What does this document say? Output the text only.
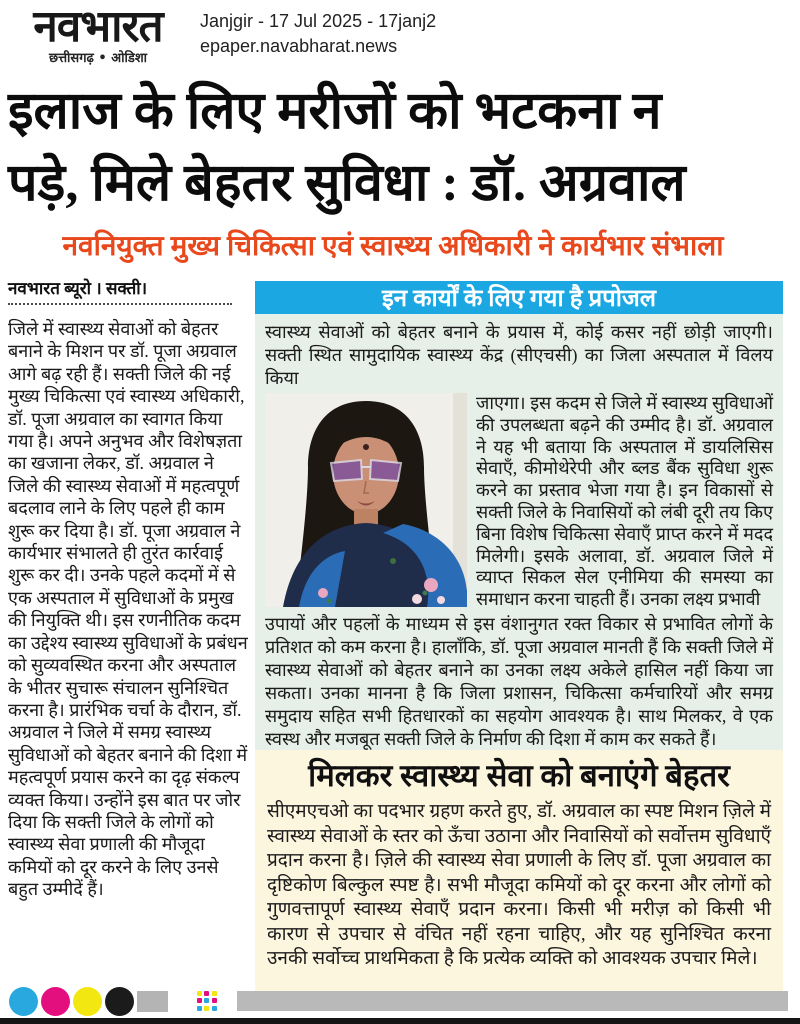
नवभारत
छत्तीसगढ़ • ओडिशा
Janjgir - 17 Jul 2025 - 17janj2
epaper.navabharat.news
इलाज के लिए मरीजों को भटकना न
पड़े, मिले बेहतर सुविधा : डॉ. अग्रवाल
नवनियुक्त मुख्य चिकित्सा एवं स्वास्थ्य अधिकारी ने कार्यभार संभाला
नवभारत ब्यूरो । सक्ती।
जिले में स्वास्थ्य सेवाओं को बेहतर बनाने के मिशन पर डॉ. पूजा अग्रवाल आगे बढ़ रही हैं। सक्ती जिले की नई मुख्य चिकित्सा एवं स्वास्थ्य अधिकारी, डॉ. पूजा अग्रवाल का स्वागत किया गया है। अपने अनुभव और विशेषज्ञता का खजाना लेकर, डॉ. अग्रवाल ने जिले की स्वास्थ्य सेवाओं में महत्वपूर्ण बदलाव लाने के लिए पहले ही काम शुरू कर दिया है। डॉ. पूजा अग्रवाल ने कार्यभार संभालते ही तुरंत कार्रवाई शुरू कर दी। उनके पहले कदमों में से एक अस्पताल में सुविधाओं के प्रमुख की नियुक्ति थी। इस रणनीतिक कदम का उद्देश्य स्वास्थ्य सुविधाओं के प्रबंधन को सुव्यवस्थित करना और अस्पताल के भीतर सुचारू संचालन सुनिश्चित करना है। प्रारंभिक चर्चा के दौरान, डॉ. अग्रवाल ने जिले में समग्र स्वास्थ्य सुविधाओं को बेहतर बनाने की दिशा में महत्वपूर्ण प्रयास करने का दृढ़ संकल्प व्यक्त किया। उन्होंने इस बात पर जोर दिया कि सक्ती जिले के लोगों को स्वास्थ्य सेवा प्रणाली की मौजूदा कमियों को दूर करने के लिए उनसे बहुत उम्मीदें हैं।
इन कार्यों के लिए गया है प्रपोजल
स्वास्थ्य सेवाओं को बेहतर बनाने के प्रयास में, कोई कसर नहीं छोड़ी जाएगी। सक्ती स्थित सामुदायिक स्वास्थ्य केंद्र (सीएचसी) का जिला अस्पताल में विलय किया
जाएगा। इस कदम से जिले में स्वास्थ्य सुविधाओं की उपलब्धता बढ़ने की उम्मीद है। डॉ. अग्रवाल ने यह भी बताया कि अस्पताल में डायलिसिस सेवाएँ, कीमोथेरेपी और ब्लड बैंक सुविधा शुरू करने का प्रस्ताव भेजा गया है। इन विकासों से सक्ती जिले के निवासियों को लंबी दूरी तय किए बिना विशेष चिकित्सा सेवाएँ प्राप्त करने में मदद मिलेगी। इसके अलावा, डॉ. अग्रवाल जिले में व्याप्त सिकल सेल एनीमिया की समस्या का समाधान करना चाहती हैं। उनका लक्ष्य प्रभावी
उपायों और पहलों के माध्यम से इस वंशानुगत रक्त विकार से प्रभावित लोगों के प्रतिशत को कम करना है। हालाँकि, डॉ. पूजा अग्रवाल मानती हैं कि सक्ती जिले में स्वास्थ्य सेवाओं को बेहतर बनाने का उनका लक्ष्य अकेले हासिल नहीं किया जा सकता। उनका मानना है कि जिला प्रशासन, चिकित्सा कर्मचारियों और समग्र समुदाय सहित सभी हितधारकों का सहयोग आवश्यक है। साथ मिलकर, वे एक स्वस्थ और मजबूत सक्ती जिले के निर्माण की दिशा में काम कर सकते हैं।
मिलकर स्वास्थ्य सेवा को बनाएंगे बेहतर
सीएमएचओ का पदभार ग्रहण करते हुए, डॉ. अग्रवाल का स्पष्ट मिशन ज़िले में स्वास्थ्य सेवाओं के स्तर को ऊँचा उठाना और निवासियों को सर्वोत्तम सुविधाएँ प्रदान करना है। ज़िले की स्वास्थ्य सेवा प्रणाली के लिए डॉ. पूजा अग्रवाल का दृष्टिकोण बिल्कुल स्पष्ट है। सभी मौजूदा कमियों को दूर करना और लोगों को गुणवत्तापूर्ण स्वास्थ्य सेवाएँ प्रदान करना। किसी भी मरीज़ को किसी भी कारण से उपचार से वंचित नहीं रहना चाहिए, और यह सुनिश्चित करना उनकी सर्वोच्च प्राथमिकता है कि प्रत्येक व्यक्ति को आवश्यक उपचार मिले।
